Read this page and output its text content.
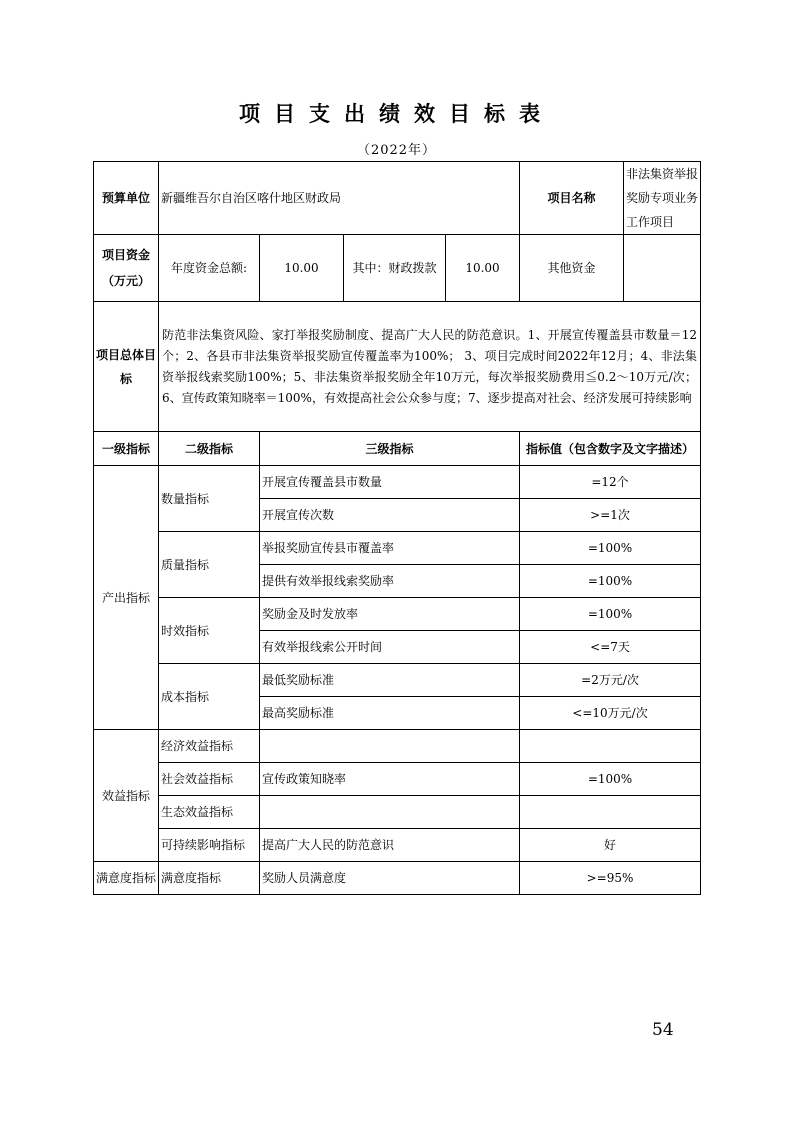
项目支出绩效目标表
（2022年）
预算单位	新疆维吾尔自治区喀什地区财政局				项目名称	非法集资举报奖励专项业务工作项目

项目资金
（万元）	年度资金总额:	10.00	其中：财政拨款	10.00	其他资金	
项目总体目标	防范非法集资风险、家打举报奖励制度、提高广大人民的防范意识。1、开展宣传覆盖县市数量＝12个；2、各县市非法集资举报奖励宣传覆盖率为100%； 3、项目完成时间2022年12月；4、非法集资举报线索奖励100%；5、非法集资举报奖励全年10万元，每次举报奖励费用≦0.2～10万元/次；6、宣传政策知晓率＝100%，有效提高社会公众参与度；7、逐步提高对社会、经济发展可持续影响					
一级指标	二级指标	三级指标			指标值（包含数字及文字描述）	
产出指标	数量指标	开展宣传覆盖县市数量			=12个	
		开展宣传次数			>=1次	
	质量指标	举报奖励宣传县市覆盖率			=100%	
		提供有效举报线索奖励率			=100%	
	时效指标	奖励金及时发放率			=100%	
		有效举报线索公开时间			<=7天	
	成本指标	最低奖励标准			=2万元/次	
		最高奖励标准			<=10万元/次	
效益指标	经济效益指标					
	社会效益指标	宣传政策知晓率			=100%	
	生态效益指标					
	可持续影响指标	提高广大人民的防范意识			好	
满意度指标	满意度指标	奖励人员满意度			>=95%	
54
